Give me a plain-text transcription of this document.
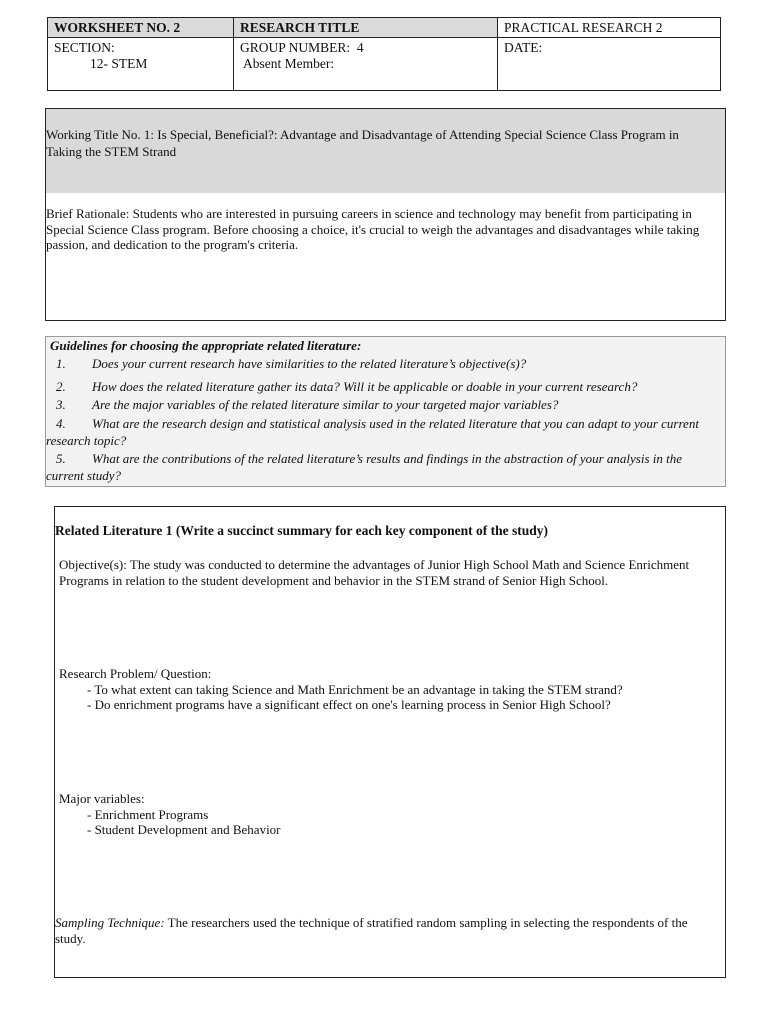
WORKSHEET NO. 2	RESEARCH TITLE	PRACTICAL RESEARCH 2
SECTION:
12- STEM
GROUP NUMBER: 4
Absent Member:
DATE:
Working Title No. 1: Is Special, Beneficial?: Advantage and Disadvantage of Attending Special Science Class Program in Taking the STEM Strand
Brief Rationale: Students who are interested in pursuing careers in science and technology may benefit from participating in Special Science Class program. Before choosing a choice, it's crucial to weigh the advantages and disadvantages while taking passion, and dedication to the program's criteria.
Guidelines for choosing the appropriate related literature:
1. Does your current research have similarities to the related literature’s objective(s)?
2. How does the related literature gather its data? Will it be applicable or doable in your current research?
3. Are the major variables of the related literature similar to your targeted major variables?
4. What are the research design and statistical analysis used in the related literature that you can adapt to your current research topic?
5. What are the contributions of the related literature’s results and findings in the abstraction of your analysis in the current study?
Related Literature 1 (Write a succinct summary for each key component of the study)
Objective(s): The study was conducted to determine the advantages of Junior High School Math and Science Enrichment Programs in relation to the student development and behavior in the STEM strand of Senior High School.
Research Problem/ Question:
- To what extent can taking Science and Math Enrichment be an advantage in taking the STEM strand?
- Do enrichment programs have a significant effect on one's learning process in Senior High School?
Major variables:
- Enrichment Programs
- Student Development and Behavior
Sampling Technique: The researchers used the technique of stratified random sampling in selecting the respondents of the study.
